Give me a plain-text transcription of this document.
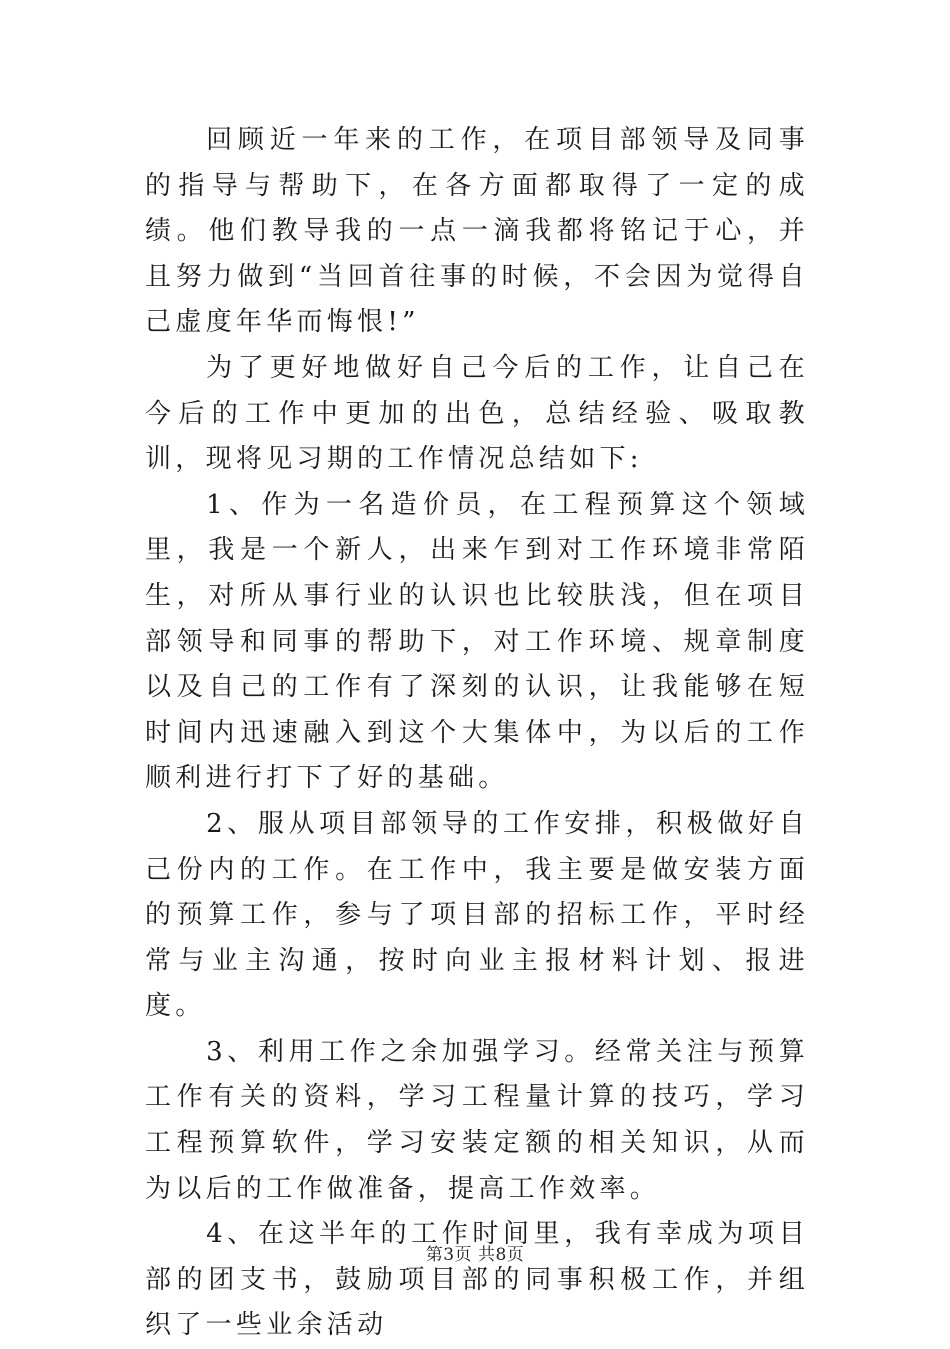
回顾近一年来的工作，在项目部领导及同事的指导与帮助下，在各方面都取得了一定的成绩。他们教导我的一点一滴我都将铭记于心，并且努力做到“当回首往事的时候，不会因为觉得自己虚度年华而悔恨!”

为了更好地做好自己今后的工作，让自己在今后的工作中更加的出色，总结经验、吸取教训，现将见习期的工作情况总结如下:

1、作为一名造价员，在工程预算这个领域里，我是一个新人，出来乍到对工作环境非常陌生，对所从事行业的认识也比较肤浅，但在项目部领导和同事的帮助下，对工作环境、规章制度以及自己的工作有了深刻的认识，让我能够在短时间内迅速融入到这个大集体中，为以后的工作顺利进行打下了好的基础。

2、服从项目部领导的工作安排，积极做好自己份内的工作。在工作中，我主要是做安装方面的预算工作，参与了项目部的招标工作，平时经常与业主沟通，按时向业主报材料计划、报进度。

3、利用工作之余加强学习。经常关注与预算工作有关的资料，学习工程量计算的技巧，学习工程预算软件，学习安装定额的相关知识，从而为以后的工作做准备，提高工作效率。

4、在这半年的工作时间里，我有幸成为项目部的团支书，鼓励项目部的同事积极工作，并组织了一些业余活动

第3页 共8页
